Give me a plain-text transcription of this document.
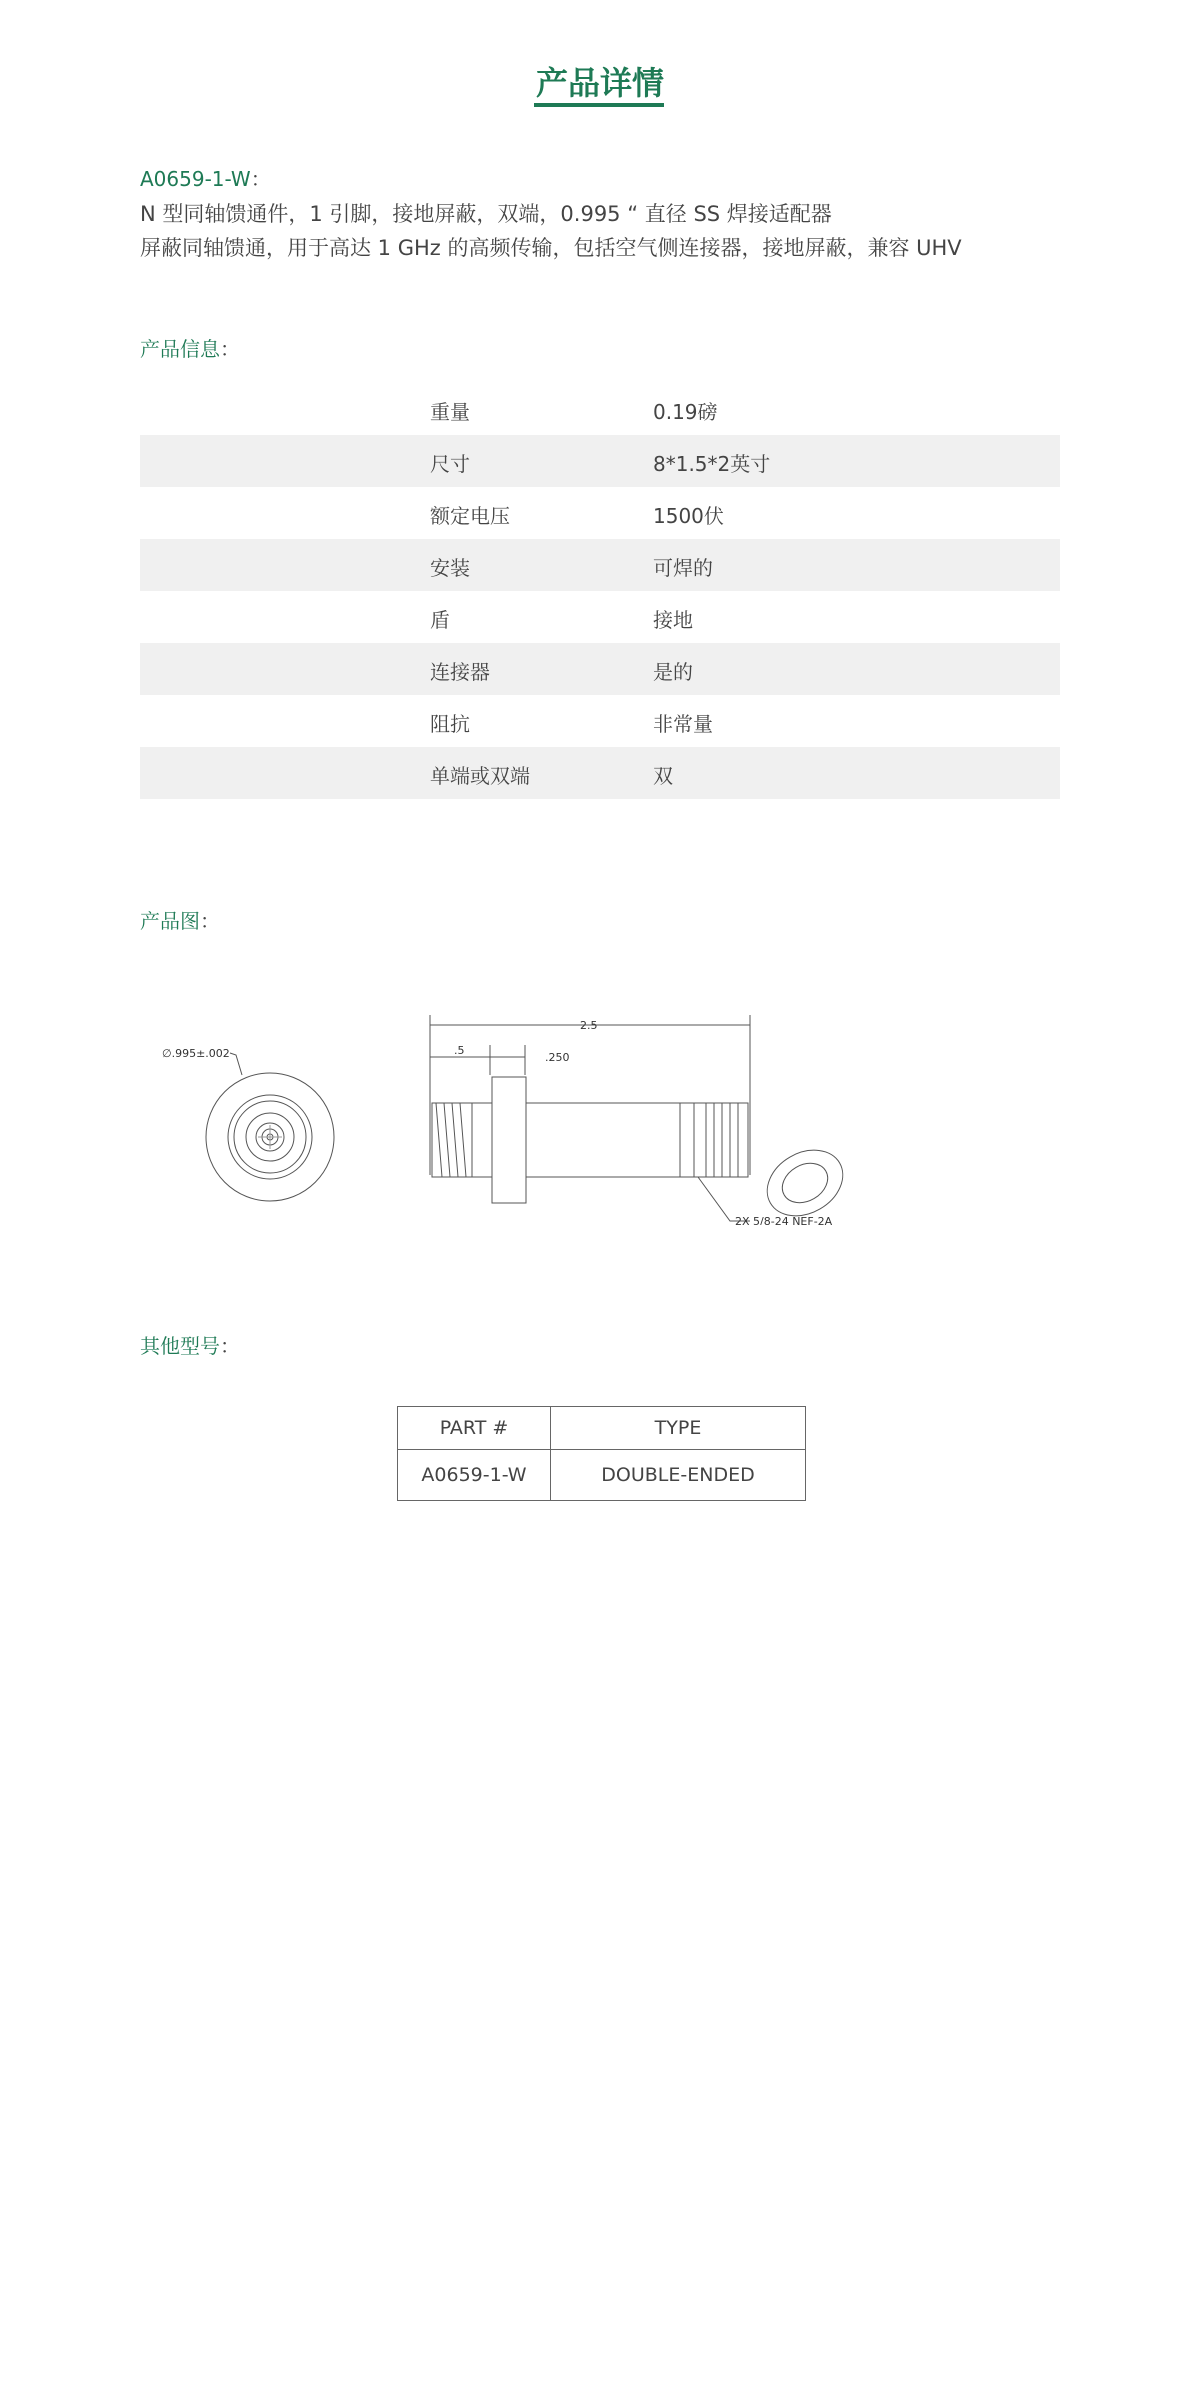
产品详情
A0659-1-W：
N 型同轴馈通件，1 引脚，接地屏蔽，双端，0.995 “ 直径 SS 焊接适配器
屏蔽同轴馈通，用于高达 1 GHz 的高频传输，包括空气侧连接器，接地屏蔽，兼容 UHV
产品信息：
重量	0.19磅
尺寸	8*1.5*2英寸
额定电压	1500伏
安装	可焊的
盾	接地
连接器	是的
阻抗	非常量
单端或双端	双
产品图：
∅.995±.002
2.5
.5
.250
2X 5/8-24 NEF-2A
其他型号：
PART #	TYPE
A0659-1-W	DOUBLE-ENDED
